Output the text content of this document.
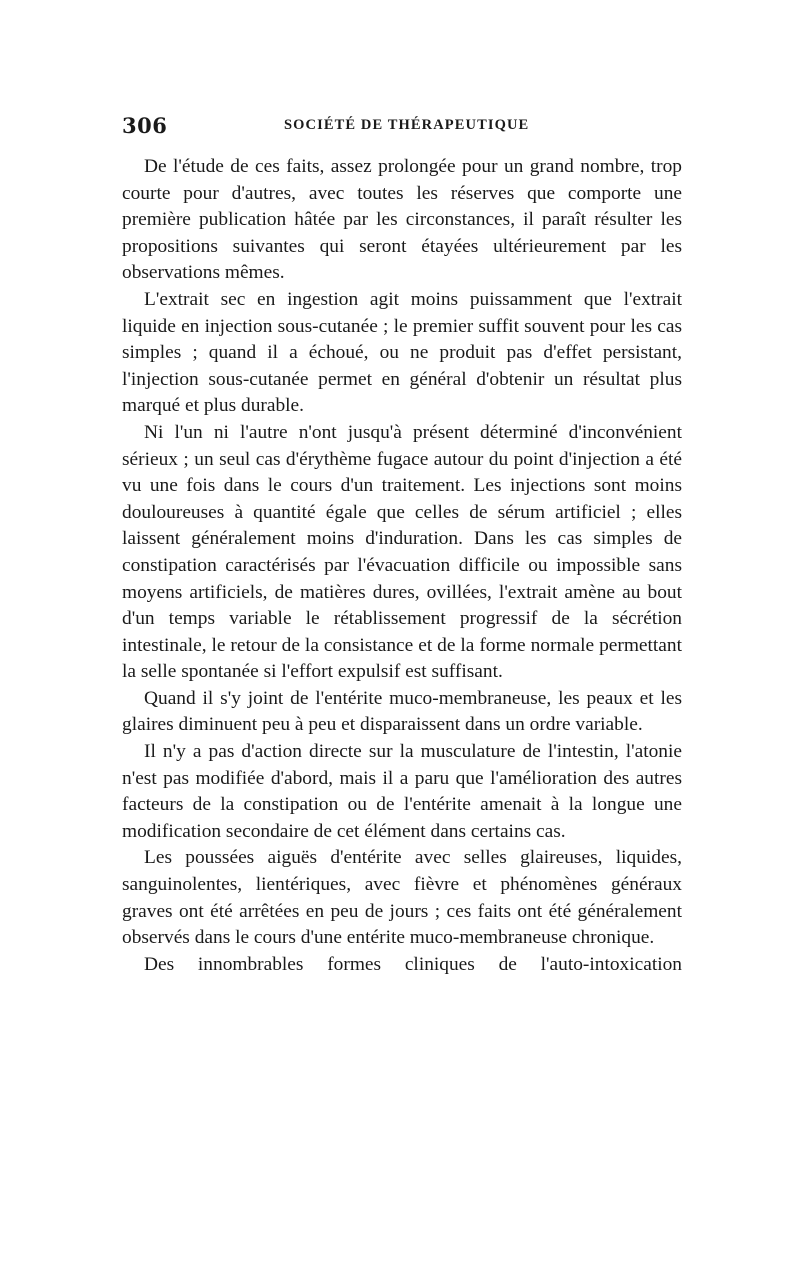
306	SOCIÉTÉ DE THÉRAPEUTIQUE

De l'étude de ces faits, assez prolongée pour un grand nombre, trop courte pour d'autres, avec toutes les réserves que comporte une première publication hâtée par les circonstances, il paraît résulter les propositions suivantes qui seront étayées ultérieurement par les observations mêmes.

L'extrait sec en ingestion agit moins puissamment que l'extrait liquide en injection sous-cutanée ; le premier suffit souvent pour les cas simples ; quand il a échoué, ou ne produit pas d'effet persistant, l'injection sous-cutanée permet en général d'obtenir un résultat plus marqué et plus durable.

Ni l'un ni l'autre n'ont jusqu'à présent déterminé d'inconvénient sérieux ; un seul cas d'érythème fugace autour du point d'injection a été vu une fois dans le cours d'un traitement. Les injections sont moins douloureuses à quantité égale que celles de sérum artificiel ; elles laissent généralement moins d'induration. Dans les cas simples de constipation caractérisés par l'évacuation difficile ou impossible sans moyens artificiels, de matières dures, ovillées, l'extrait amène au bout d'un temps variable le rétablissement progressif de la sécrétion intestinale, le retour de la consistance et de la forme normale permettant la selle spontanée si l'effort expulsif est suffisant.

Quand il s'y joint de l'entérite muco-membraneuse, les peaux et les glaires diminuent peu à peu et disparaissent dans un ordre variable.

Il n'y a pas d'action directe sur la musculature de l'intestin, l'atonie n'est pas modifiée d'abord, mais il a paru que l'amélioration des autres facteurs de la constipation ou de l'entérite amenait à la longue une modification secondaire de cet élément dans certains cas.

Les poussées aiguës d'entérite avec selles glaireuses, liquides, sanguinolentes, lientériques, avec fièvre et phénomènes généraux graves ont été arrêtées en peu de jours ; ces faits ont été généralement observés dans le cours d'une entérite muco-membraneuse chronique.

Des innombrables formes cliniques de l'auto-intoxication
